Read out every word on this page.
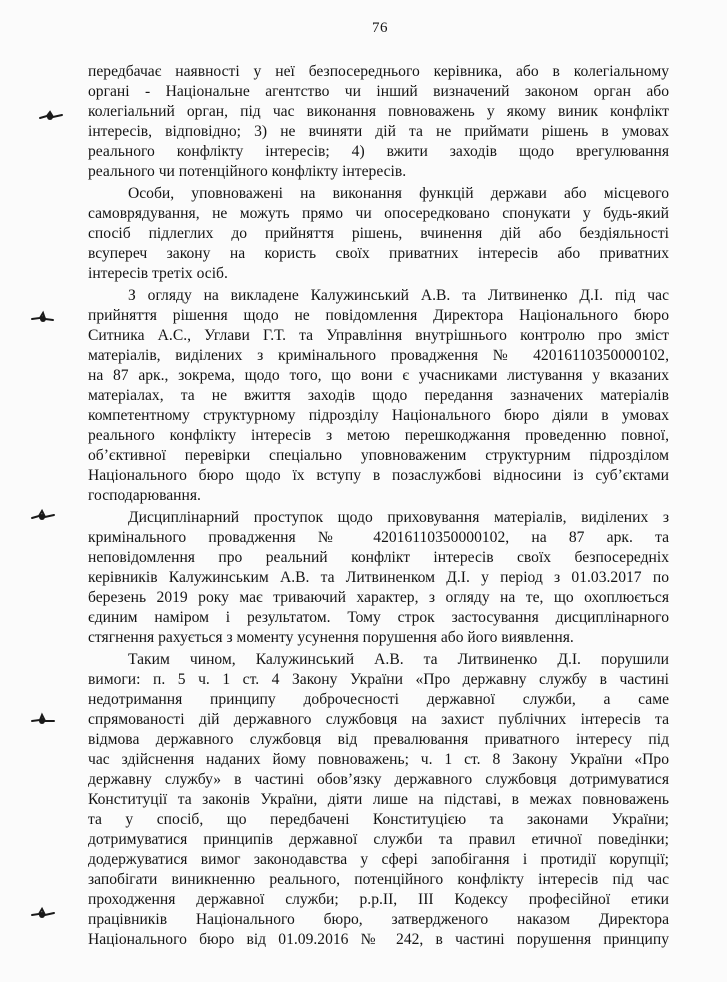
76
передбачає наявності у неї безпосереднього керівника, або в колегіальному
органі - Національне агентство чи інший визначений законом орган або
колегіальний орган, під час виконання повноважень у якому виник конфлікт
інтересів, відповідно; 3) не вчиняти дій та не приймати рішень в умовах
реального конфлікту інтересів; 4) вжити заходів щодо врегулювання
реального чи потенційного конфлікту інтересів.
Особи, уповноважені на виконання функцій держави або місцевого
самоврядування, не можуть прямо чи опосередковано спонукати у будь-який
спосіб підлеглих до прийняття рішень, вчинення дій або бездіяльності
всупереч закону на користь своїх приватних інтересів або приватних
інтересів третіх осіб.
З огляду на викладене Калужинський А.В. та Литвиненко Д.І. під час
прийняття рішення щодо не повідомлення Директора Національного бюро
Ситника А.С., Углави Г.Т. та Управління внутрішнього контролю про зміст
матеріалів, виділених з кримінального провадження № 42016110350000102,
на 87 арк., зокрема, щодо того, що вони є учасниками листування у вказаних
матеріалах, та не вжиття заходів щодо передання зазначених матеріалів
компетентному структурному підрозділу Національного бюро діяли в умовах
реального конфлікту інтересів з метою перешкоджання проведенню повної,
об’єктивної перевірки спеціально уповноваженим структурним підрозділом
Національного бюро щодо їх вступу в позаслужбові відносини із суб’єктами
господарювання.
Дисциплінарний проступок щодо приховування матеріалів, виділених з
кримінального провадження № 42016110350000102, на 87 арк. та
неповідомлення про реальний конфлікт інтересів своїх безпосередніх
керівників Калужинським А.В. та Литвиненком Д.І. у період з 01.03.2017 по
березень 2019 року має триваючий характер, з огляду на те, що охоплюється
єдиним наміром і результатом. Тому строк застосування дисциплінарного
стягнення рахується з моменту усунення порушення або його виявлення.
Таким чином, Калужинський А.В. та Литвиненко Д.І. порушили
вимоги: п. 5 ч. 1 ст. 4 Закону України «Про державну службу в частині
недотримання принципу доброчесності державної служби, а саме
спрямованості дій державного службовця на захист публічних інтересів та
відмова державного службовця від превалювання приватного інтересу під
час здійснення наданих йому повноважень; ч. 1 ст. 8 Закону України «Про
державну службу» в частині обов’язку державного службовця дотримуватися
Конституції та законів України, діяти лише на підставі, в межах повноважень
та у спосіб, що передбачені Конституцією та законами України;
дотримуватися принципів державної служби та правил етичної поведінки;
додержуватися вимог законодавства у сфері запобігання і протидії корупції;
запобігати виникненню реального, потенційного конфлікту інтересів під час
проходження державної служби; р.р.II, III Кодексу професійної етики
працівників Національного бюро, затвердженого наказом Директора
Національного бюро від 01.09.2016 № 242, в частині порушення принципу
